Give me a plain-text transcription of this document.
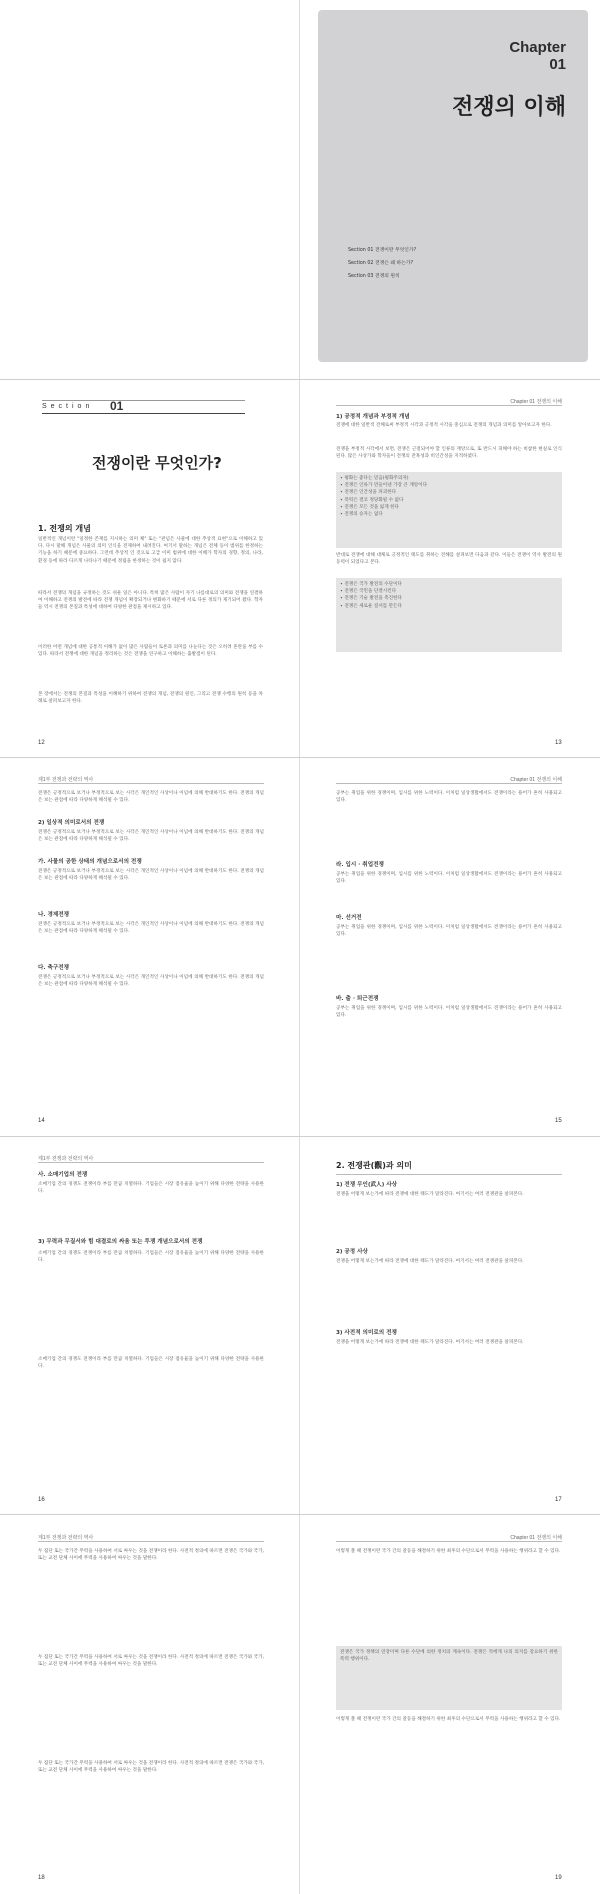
Chapter
01
전쟁의 이해
Section 01 전쟁이란 무엇인가?
Section 02 전쟁은 왜 하는가?
Section 03 전쟁의 원칙
Section 01
전쟁이란 무엇인가?
1. 전쟁의 개념
일반적인 개념이란 "일정한 존재를 지시하는 의미 체" 또는 "관념은 사물에 대한 추상적 표현"으로 이해하고 있다. 다시 말해 개념은 사물의 의미 인식을 전제하여 내려진다. 여기서 말하는 개념은 전체 등이 범위를 한정하는 기능을 하기 때문에 중요하다. 그런데 추상적 인 것으로 고급 이미 범위에 대한 이해가 학자의 경향, 정의, 나라, 환경 등에 따라 다르게 나타나기 때문에 정립을 한정하는 것이 쉽지 않다.
따라서 전쟁의 개념을 규정하는 것도 쉬운 일은 아니다. 특히 많은 사람이 자기 나름대로의 의미와 전쟁을 연결하여 이해하고 전쟁의 발전에 따라 전쟁 개념이 확장되거나 변화하기 때문에 서로 다른 정의가 제기되어 왔다. 학자들 역시 전쟁의 본질과 특성에 대하여 다양한 관점을 제시하고 있다.
이러한 어떤 개념에 대한 공통적 이해가 없이 많은 사람들이 토론과 의미를 나눈다는 것은 오히려 혼란을 부를 수 있다. 따라서 전쟁에 대한 개념을 정리하는 것은 전쟁을 연구하고 이해하는 출발점이 된다.
본 장에서는 전쟁의 본질과 특성을 이해하기 위하여 전쟁의 개념, 전쟁의 원인, 그리고 전쟁 수행의 원칙 등을 차례로 살펴보고자 한다.
12
Chapter 01 전쟁의 이해
1) 공정적 개념과 부정적 개념
전쟁에 대한 일반적 견해로써 부정적 시각과 긍정적 시각을 중심으로 전쟁의 개념과 의미를 알아보고자 한다.
전쟁을 부정적 시각에서 보면, 전쟁은 근절되어야 할 인류의 재앙으로, 또 반드시 피해야 하는 비참한 현실로 인식된다. 많은 사상가와 학자들이 전쟁의 잔혹성과 비인간성을 지적하였다.
∙ 평화는 좋다는 믿음(평화주의자)
∙ 전쟁은 인류가 만들어낸 가장 큰 재앙이다
∙ 전쟁은 인간성을 파괴한다
∙ 폭력은 결코 정당화될 수 없다
∙ 전쟁은 모든 것을 잃게 한다
∙ 전쟁의 승자는 없다
반대로 전쟁에 대해 대체로 긍정적인 태도를 취하는 견해를 살펴보면 다음과 같다. 이들은 전쟁이 역사 발전의 원동력이 되었다고 본다.
∙ 전쟁은 국가 발전의 수단이다
∙ 전쟁은 국민을 단결시킨다
∙ 전쟁은 기술 발전을 촉진한다
∙ 전쟁은 새로운 질서를 만든다
13
제1부 전쟁과 전략의 역사
전쟁은 긍정적으로 보거나 부정적으로 보는 시각은 개인적인 사상이나 이념에 의해 반대하기도 한다. 전쟁의 개념은 보는 관점에 따라 다양하게 해석될 수 있다.
2) 일상적 의미로서의 전쟁
전쟁은 긍정적으로 보거나 부정적으로 보는 시각은 개인적인 사상이나 이념에 의해 반대하기도 한다. 전쟁의 개념은 보는 관점에 따라 다양하게 해석될 수 있다.
가. 사물의 공한 상태의 개념으로서의 전쟁
전쟁은 긍정적으로 보거나 부정적으로 보는 시각은 개인적인 사상이나 이념에 의해 반대하기도 한다. 전쟁의 개념은 보는 관점에 따라 다양하게 해석될 수 있다.
나. 경제전쟁
전쟁은 긍정적으로 보거나 부정적으로 보는 시각은 개인적인 사상이나 이념에 의해 반대하기도 한다. 전쟁의 개념은 보는 관점에 따라 다양하게 해석될 수 있다.
다. 축구전쟁
전쟁은 긍정적으로 보거나 부정적으로 보는 시각은 개인적인 사상이나 이념에 의해 반대하기도 한다. 전쟁의 개념은 보는 관점에 따라 다양하게 해석될 수 있다.
14
Chapter 01 전쟁의 이해
공부는 취업을 위한 경쟁이며, 입시를 위한 노력이다. 이처럼 일상생활에서도 전쟁이라는 용어가 흔히 사용되고 있다.
라. 입시 · 취업전쟁
공부는 취업을 위한 경쟁이며, 입시를 위한 노력이다. 이처럼 일상생활에서도 전쟁이라는 용어가 흔히 사용되고 있다.
마. 선거전
공부는 취업을 위한 경쟁이며, 입시를 위한 노력이다. 이처럼 일상생활에서도 전쟁이라는 용어가 흔히 사용되고 있다.
바. 출 · 퇴근전쟁
공부는 취업을 위한 경쟁이며, 입시를 위한 노력이다. 이처럼 일상생활에서도 전쟁이라는 용어가 흔히 사용되고 있다.
15
제1부 전쟁과 전략의 역사
사. 소매기업의 전쟁
소매기업 간의 경쟁도 전쟁이라 부를 만큼 치열하다. 기업들은 시장 점유율을 높이기 위해 다양한 전략을 사용한다.
3) 무력과 무질서와 힘 대결로의 싸움 또는 투쟁 개념으로서의 전쟁
소매기업 간의 경쟁도 전쟁이라 부를 만큼 치열하다. 기업들은 시장 점유율을 높이기 위해 다양한 전략을 사용한다.
소매기업 간의 경쟁도 전쟁이라 부를 만큼 치열하다. 기업들은 시장 점유율을 높이기 위해 다양한 전략을 사용한다.
16
2. 전쟁관(觀)과 의미
1) 전쟁 무인(武人) 사상
전쟁을 어떻게 보는가에 따라 전쟁에 대한 태도가 달라진다. 여기서는 여러 전쟁관을 살펴본다.
2) 공정 사상
전쟁을 어떻게 보는가에 따라 전쟁에 대한 태도가 달라진다. 여기서는 여러 전쟁관을 살펴본다.
3) 사전적 의미로의 전쟁
전쟁을 어떻게 보는가에 따라 전쟁에 대한 태도가 달라진다. 여기서는 여러 전쟁관을 살펴본다.
17
제1부 전쟁과 전략의 역사
두 집단 또는 국가간 무력을 사용하여 서로 싸우는 것을 전쟁이라 한다. 사전적 정의에 따르면 전쟁은 국가와 국가, 또는 교전 단체 사이에 무력을 사용하여 싸우는 것을 말한다.
두 집단 또는 국가간 무력을 사용하여 서로 싸우는 것을 전쟁이라 한다. 사전적 정의에 따르면 전쟁은 국가와 국가, 또는 교전 단체 사이에 무력을 사용하여 싸우는 것을 말한다.
두 집단 또는 국가간 무력을 사용하여 서로 싸우는 것을 전쟁이라 한다. 사전적 정의에 따르면 전쟁은 국가와 국가, 또는 교전 단체 사이에 무력을 사용하여 싸우는 것을 말한다.
18
Chapter 01 전쟁의 이해
이렇게 볼 때 전쟁이란 국가 간의 갈등을 해결하기 위한 최후의 수단으로서 무력을 사용하는 행위라고 할 수 있다.
전쟁은 국가 정책의 연장이며 다른 수단에 의한 정치의 계속이다. 전쟁은 적에게 나의 의지를 강요하기 위한 폭력 행위이다.
이렇게 볼 때 전쟁이란 국가 간의 갈등을 해결하기 위한 최후의 수단으로서 무력을 사용하는 행위라고 할 수 있다.
19
